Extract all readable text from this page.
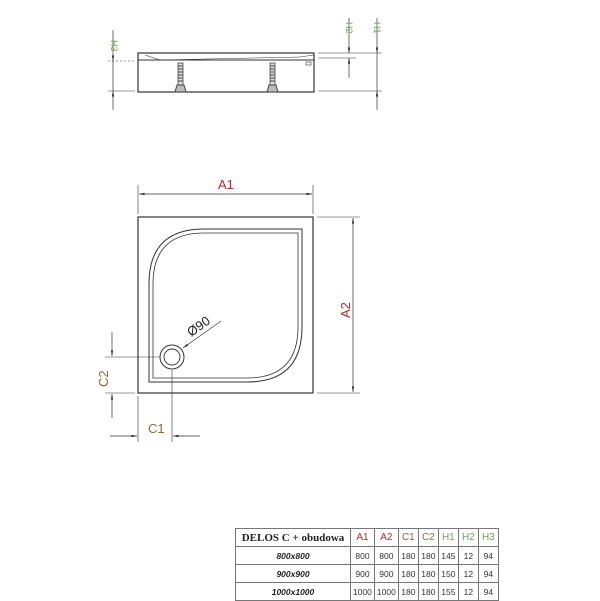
H3
H2 H1
A1
A2
C1
C2
Ø90
DELOS C + obudowa	A1	A2	C1	C2	H1	H2	H3
800x800	800	800	180	180	145	12	94
900x900	900	900	180	180	150	12	94
1000x1000	1000	1000	180	180	155	12	94
